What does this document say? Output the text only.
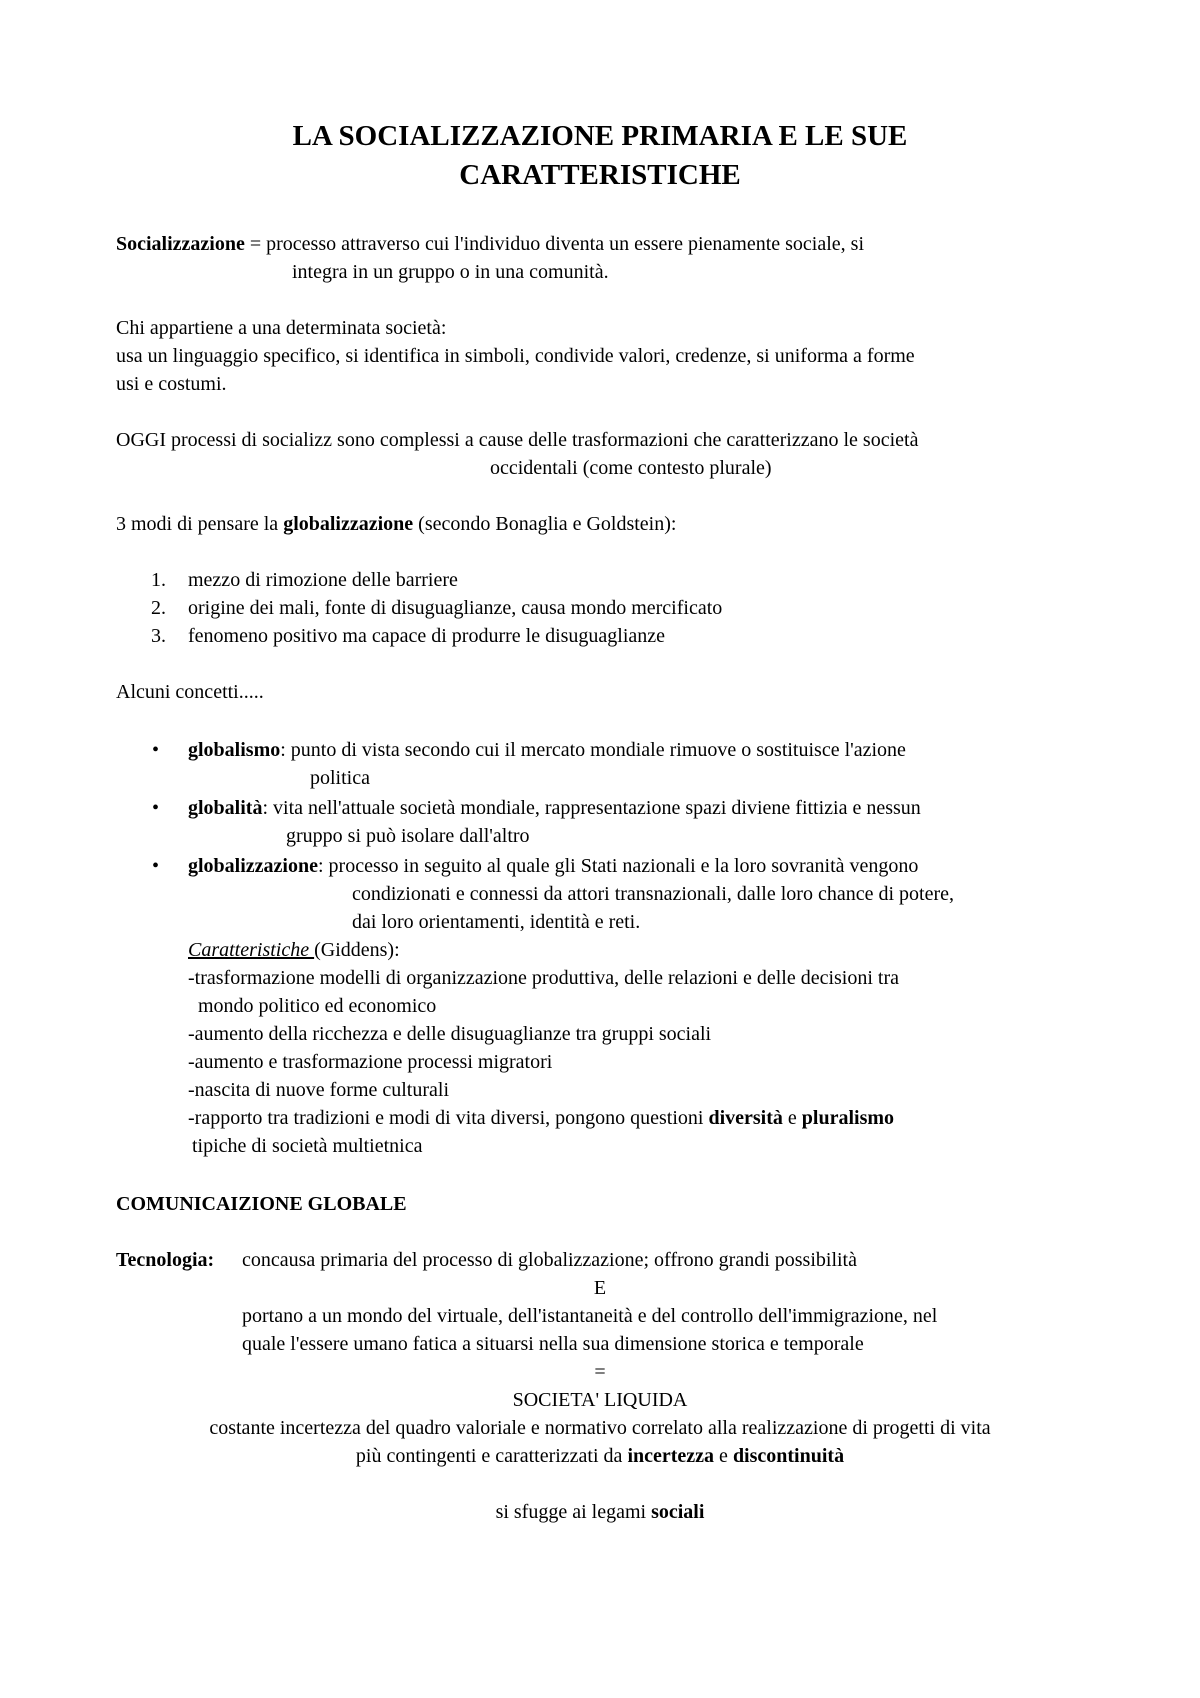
LA SOCIALIZZAZIONE PRIMARIA E LE SUE
CARATTERISTICHE
Socializzazione = processo attraverso cui l'individuo diventa un essere pienamente sociale, si
integra in un gruppo o in una comunità.
Chi appartiene a una determinata società:
usa un linguaggio specifico, si identifica in simboli, condivide valori, credenze, si uniforma a forme
usi e costumi.
OGGI processi di socializz sono complessi a cause delle trasformazioni che caratterizzano le società
occidentali (come contesto plurale)
3 modi di pensare la globalizzazione (secondo Bonaglia e Goldstein):
1. mezzo di rimozione delle barriere
2. origine dei mali, fonte di disuguaglianze, causa mondo mercificato
3. fenomeno positivo ma capace di produrre le disuguaglianze
Alcuni concetti.....
• globalismo: punto di vista secondo cui il mercato mondiale rimuove o sostituisce l'azione
politica
• globalità: vita nell'attuale società mondiale, rappresentazione spazi diviene fittizia e nessun
gruppo si può isolare dall'altro
• globalizzazione: processo in seguito al quale gli Stati nazionali e la loro sovranità vengono
condizionati e connessi da attori transnazionali, dalle loro chance di potere,
dai loro orientamenti, identità e reti.
Caratteristiche (Giddens):
-trasformazione modelli di organizzazione produttiva, delle relazioni e delle decisioni tra
mondo politico ed economico
-aumento della ricchezza e delle disuguaglianze tra gruppi sociali
-aumento e trasformazione processi migratori
-nascita di nuove forme culturali
-rapporto tra tradizioni e modi di vita diversi, pongono questioni diversità e pluralismo
tipiche di società multietnica
COMUNICAIZIONE GLOBALE
Tecnologia: concausa primaria del processo di globalizzazione; offrono grandi possibilità
E
portano a un mondo del virtuale, dell'istantaneità e del controllo dell'immigrazione, nel
quale l'essere umano fatica a situarsi nella sua dimensione storica e temporale
=
SOCIETA' LIQUIDA
costante incertezza del quadro valoriale e normativo correlato alla realizzazione di progetti di vita
più contingenti e caratterizzati da incertezza e discontinuità
si sfugge ai legami sociali
